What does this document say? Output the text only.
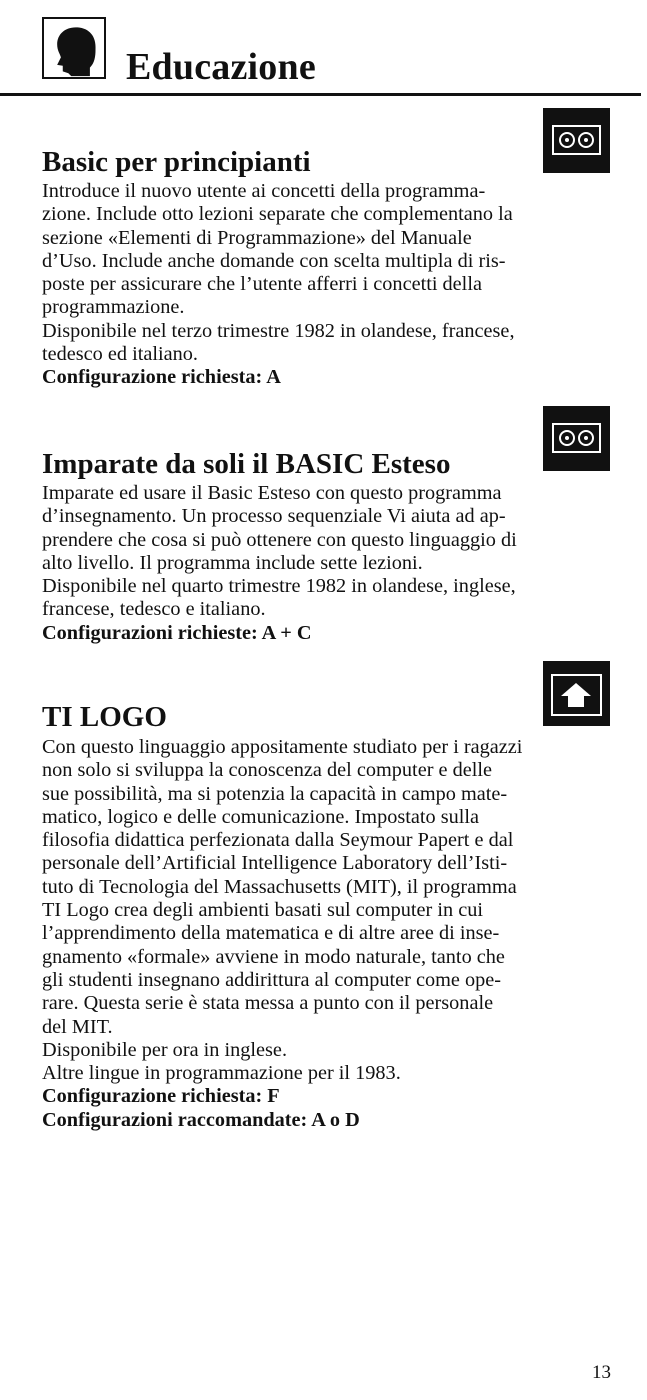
Educazione
Basic per principianti

Introduce il nuovo utente ai concetti della programma-
zione. Include otto lezioni separate che complementano la
sezione «Elementi di Programmazione» del Manuale
d’Uso. Include anche domande con scelta multipla di ris-
poste per assicurare che l’utente afferri i concetti della
programmazione.

Disponibile nel terzo trimestre 1982 in olandese, francese,
tedesco ed italiano.

Configurazione richiesta: A

Imparate da soli il BASIC Esteso

Imparate ed usare il Basic Esteso con questo programma
d’insegnamento. Un processo sequenziale Vi aiuta ad ap-
prendere che cosa si può ottenere con questo linguaggio di
alto livello. Il programma include sette lezioni.

Disponibile nel quarto trimestre 1982 in olandese, inglese,
francese, tedesco e italiano.

Configurazioni richieste: A + C

TI LOGO

Con questo linguaggio appositamente studiato per i ragazzi
non solo si sviluppa la conoscenza del computer e delle
sue possibilità, ma si potenzia la capacità in campo mate-
matico, logico e delle comunicazione. Impostato sulla
filosofia didattica perfezionata dalla Seymour Papert e dal
personale dell’Artificial Intelligence Laboratory dell’Isti-
tuto di Tecnologia del Massachusetts (MIT), il programma
TI Logo crea degli ambienti basati sul computer in cui
l’apprendimento della matematica e di altre aree di inse-
gnamento «formale» avviene in modo naturale, tanto che
gli studenti insegnano addirittura al computer come ope-
rare. Questa serie è stata messa a punto con il personale
del MIT.

Disponibile per ora in inglese.
Altre lingue in programmazione per il 1983.

Configurazione richiesta: F

Configurazioni raccomandate: A o D

13
